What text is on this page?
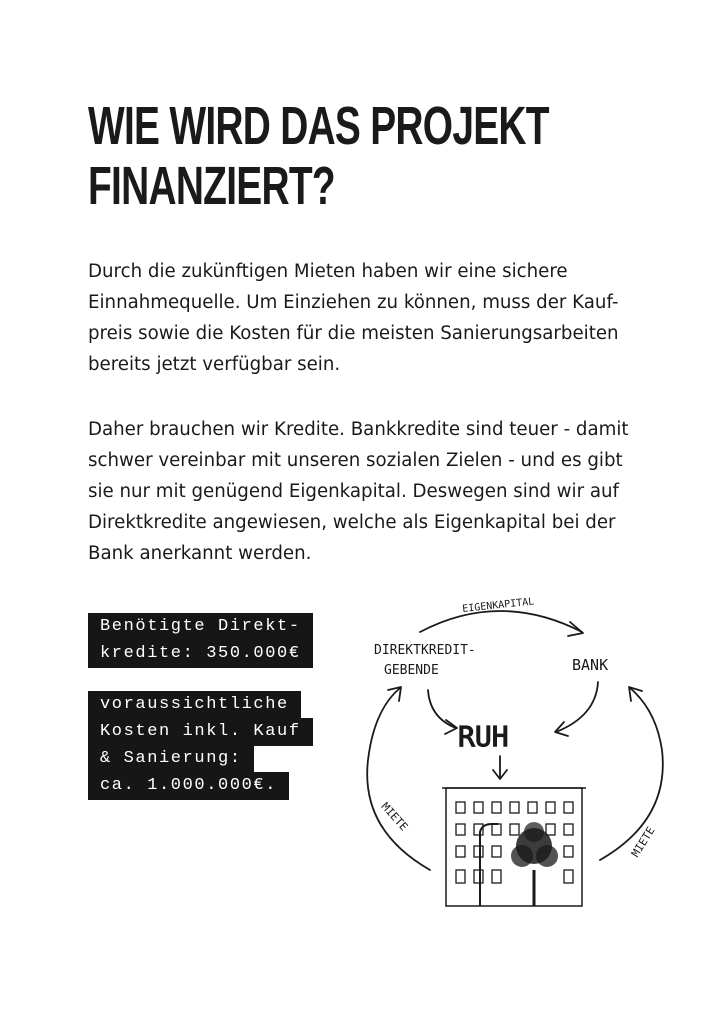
WIE WIRD DAS PROJEKT
FINANZIERT?

Durch die zukünftigen Mieten haben wir eine sichere
Einnahmequelle. Um Einziehen zu können, muss der Kauf-
preis sowie die Kosten für die meisten Sanierungsarbeiten
bereits jetzt verfügbar sein.

Daher brauchen wir Kredite. Bankkredite sind teuer - damit
schwer vereinbar mit unseren sozialen Zielen - und es gibt
sie nur mit genügend Eigenkapital. Deswegen sind wir auf
Direktkredite angewiesen, welche als Eigenkapital bei der
Bank anerkannt werden.

Benötigte Direkt-
kredite: 350.000€
voraussichtliche
Kosten inkl. Kauf
& Sanierung:
ca. 1.000.000€.
EIGENKAPITAL
DIREKTKREDIT-
GEBENDE	BANK
RUH
MIETE
MIETE
